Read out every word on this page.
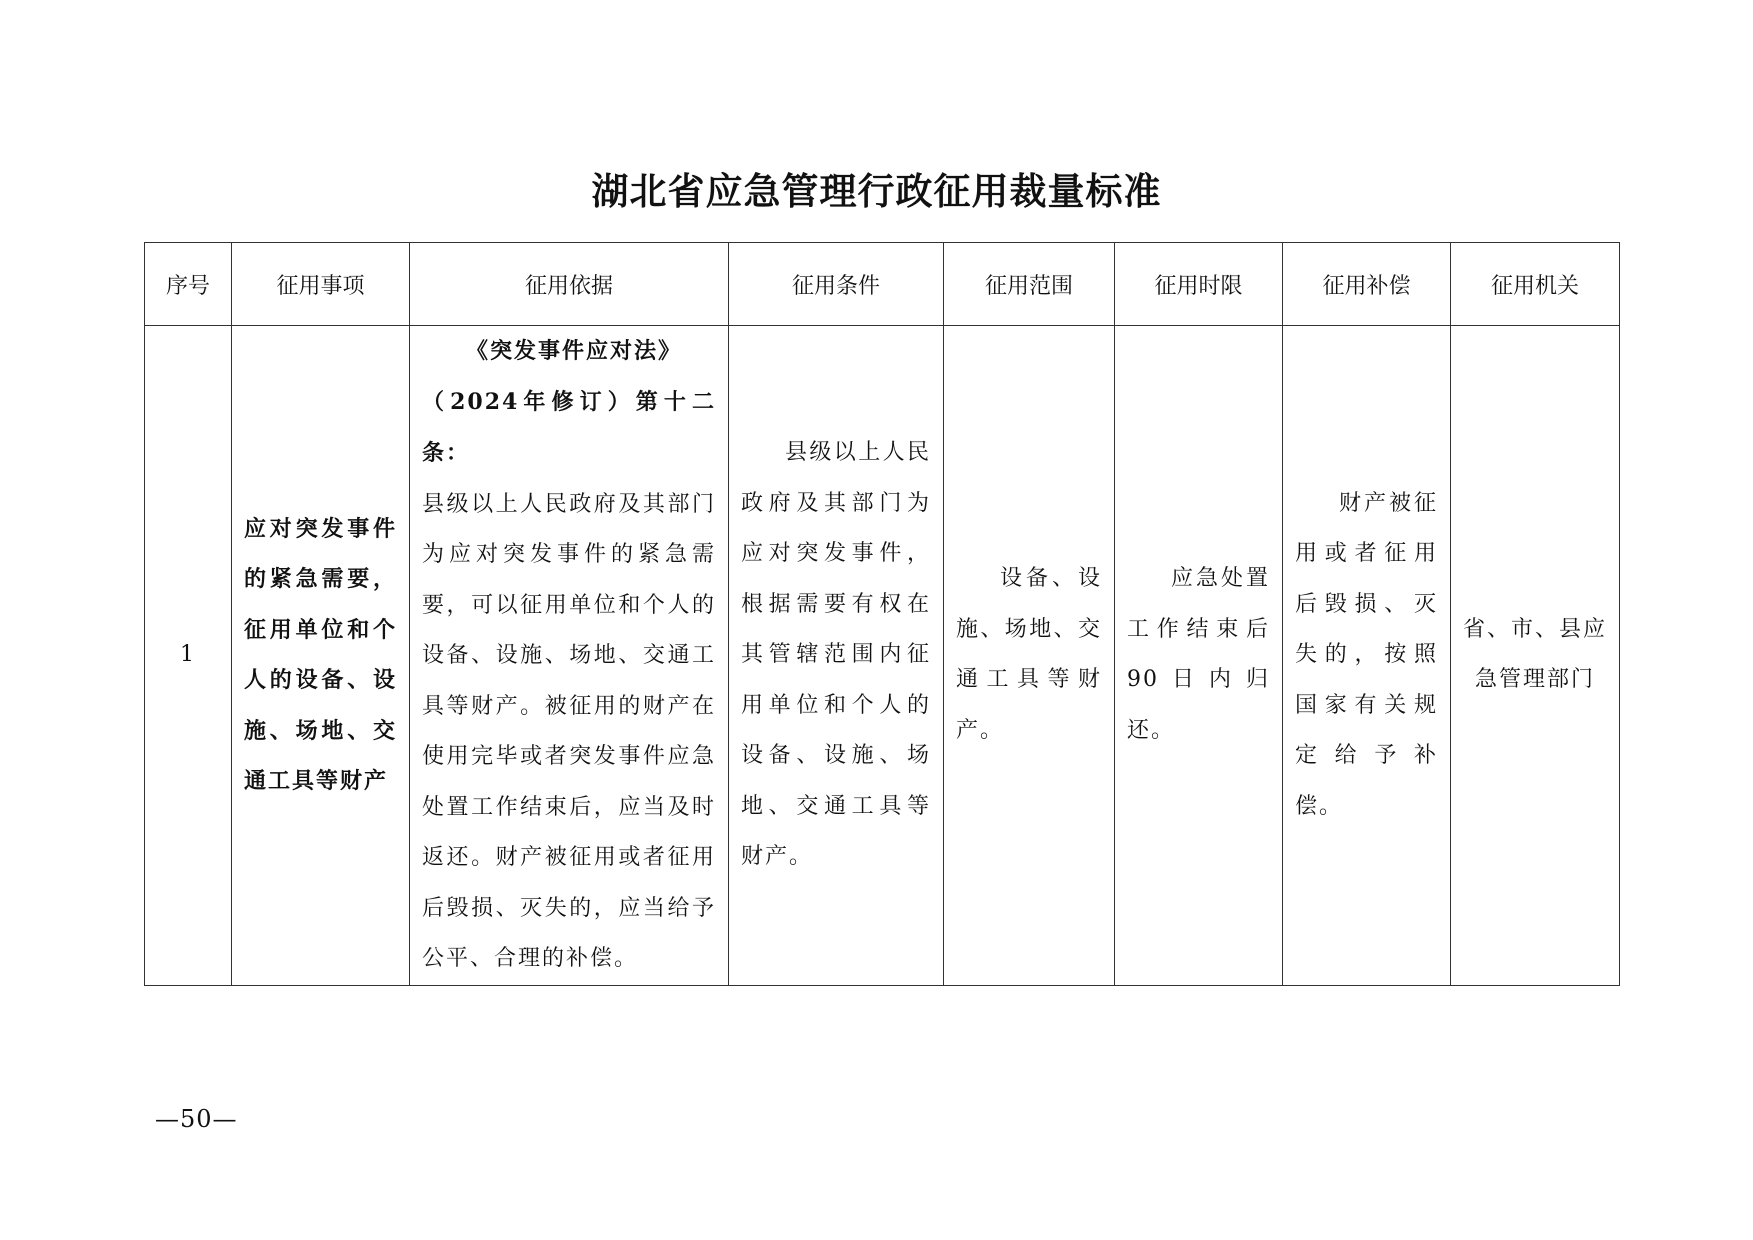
湖北省应急管理行政征用裁量标准
序号	征用事项	征用依据	征用条件	征用范围	征用时限	征用补偿	征用机关

1	应对突发事件的紧急需要，征用单位和个人的设备、设施、场地、交通工具等财产	《突发事件应对法》
（2024年修订）第十二条：
县级以上人民政府及其部门为应对突发事件的紧急需要，可以征用单位和个人的设备、设施、场地、交通工具等财产。被征用的财产在使用完毕或者突发事件应急处置工作结束后，应当及时返还。财产被征用或者征用后毁损、灭失的，应当给予公平、合理的补偿。	县级以上人民政府及其部门为应对突发事件，根据需要有权在其管辖范围内征用单位和个人的设备、设施、场地、交通工具等财产。	设备、设施、场地、交通工具等财产。	应急处置工作结束后90日内归还。	财产被征用或者征用后毁损、灭失的，按照国家有关规定给予补偿。	省、市、县应急管理部门
—50—
